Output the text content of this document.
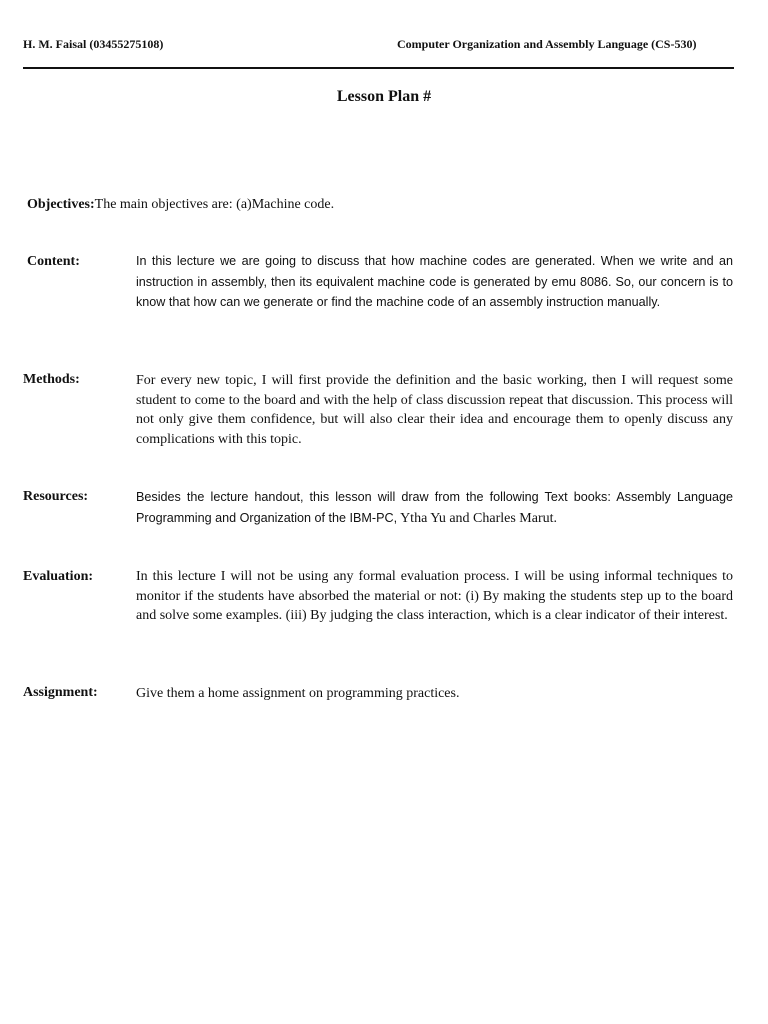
H. M. Faisal (03455275108)	Computer Organization and Assembly Language (CS-530)
Lesson Plan #
Objectives:The main objectives are: (a)Machine code.
Content:	In this lecture we are going to discuss that how machine codes are generated. When we write and an instruction in assembly, then its equivalent machine code is generated by emu 8086. So, our concern is to know that how can we generate or find the machine code of an assembly instruction manually.
Methods:	For every new topic, I will first provide the definition and the basic working, then I will request some student to come to the board and with the help of class discussion repeat that discussion. This process will not only give them confidence, but will also clear their idea and encourage them to openly discuss any complications with this topic.
Resources:	Besides the lecture handout, this lesson will draw from the following Text books: Assembly Language Programming and Organization of the IBM-PC, Ytha Yu and Charles Marut.
Evaluation:	In this lecture I will not be using any formal evaluation process. I will be using informal techniques to monitor if the students have absorbed the material or not: (i) By making the students step up to the board and solve some examples. (iii) By judging the class interaction, which is a clear indicator of their interest.
Assignment:	Give them a home assignment on programming practices.
